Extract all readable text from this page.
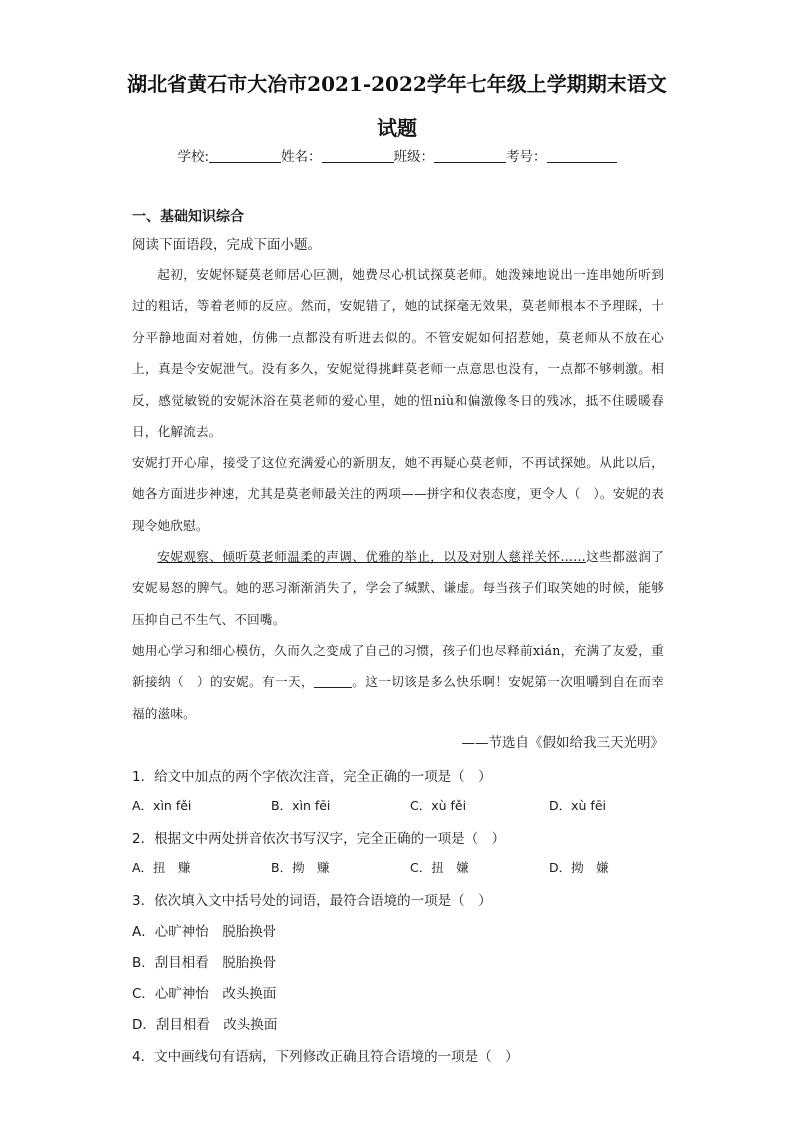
湖北省黄石市大冶市2021-2022学年七年级上学期期末语文
试题
学校:	姓名：	班级：	考号：
一、基础知识综合
阅读下面语段，完成下面小题。
起初，安妮怀疑莫老师居心叵测，她费尽心机试探莫老师。她泼辣地说出一连串她所听到过的粗话，等着老师的反应。然而，安妮错了，她的试探毫无效果，莫老师根本不予理睬，十分平静地面对着她，仿佛一点都没有听进去似的。不管安妮如何招惹她，莫老师从不放在心上，真是令安妮泄气。没有多久，安妮觉得挑衅莫老师一点意思也没有，一点都不够刺激。相反，感觉敏锐的安妮沐浴在莫老师的爱心里，她的忸niù和偏激像冬日的残冰，抵不住暖暖春日，化解流去。
安妮打开心扉，接受了这位充满爱心的新朋友，她不再疑心莫老师，不再试探她。从此以后，她各方面进步神速，尤其是莫老师最关注的两项——拼字和仪表态度，更令人（　）。安妮的表现令她欣慰。
安妮观察、倾听莫老师温柔的声调、优雅的举止，以及对别人慈祥关怀……这些都滋润了安妮易怒的脾气。她的恶习渐渐消失了，学会了缄默、谦虚。每当孩子们取笑她的时候，能够压抑自己不生气、不回嘴。
她用心学习和细心模仿，久而久之变成了自己的习惯，孩子们也尽释前xián，充满了友爱，重新接纳（　）的安妮。有一天，	。这一切该是多么快乐啊！安妮第一次咀嚼到自在而幸福的滋味。
——节选自《假如给我三天光明》
1．给文中加点的两个字依次注音，完全正确的一项是（　）
A．xìn fěi	B．xìn fēi	C．xù fěi	D．xù fēi
2．根据文中两处拼音依次书写汉字，完全正确的一项是（　）
A．扭　赚	B．拗　赚	C．扭　嫌	D．拗　嫌
3．依次填入文中括号处的词语，最符合语境的一项是（　）
A．心旷神怡　脱胎换骨
B．刮目相看　脱胎换骨
C．心旷神怡　改头换面
D．刮目相看　改头换面
4．文中画线句有语病，下列修改正确且符合语境的一项是（　）
